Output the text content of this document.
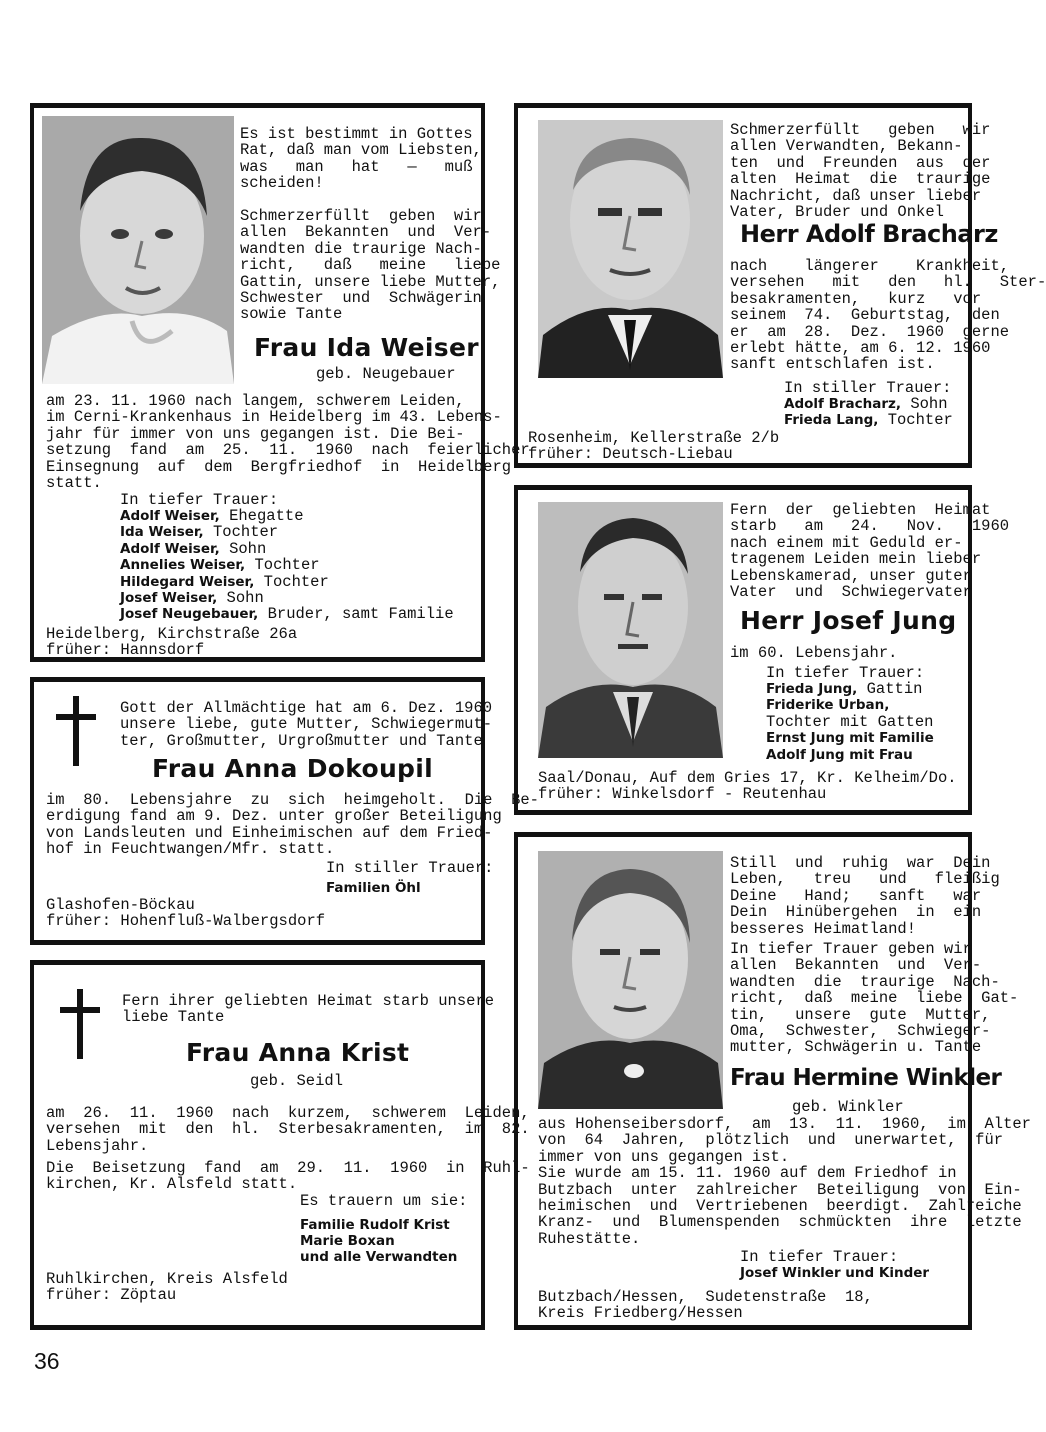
Es ist bestimmt in Gottes
Rat, daß man vom Liebsten,
was   man   hat   —   muß
scheiden!
Schmerzerfüllt  geben  wir
allen  Bekannten  und  Ver-
wandten die traurige Nach-
richt,   daß   meine   liebe
Gattin, unsere liebe Mutter,
Schwester  und  Schwägerin
sowie Tante
Frau Ida Weiser
geb. Neugebauer
am 23. 11. 1960 nach langem, schwerem Leiden,
im Cerni-Krankenhaus in Heidelberg im 43. Lebens-
jahr für immer von uns gegangen ist. Die Bei-
setzung  fand  am  25.  11.  1960  nach  feierlicher
Einsegnung  auf  dem  Bergfriedhof  in  Heidelberg
statt.
In tiefer Trauer:
Adolf Weiser, Ehegatte
Ida Weiser, Tochter
Adolf Weiser, Sohn
Annelies Weiser, Tochter
Hildegard Weiser, Tochter
Josef Weiser, Sohn
Josef Neugebauer, Bruder, samt Familie
Heidelberg, Kirchstraße 26a
früher: Hannsdorf
Gott der Allmächtige hat am 6. Dez. 1960
unsere liebe, gute Mutter, Schwiegermut-
ter, Großmutter, Urgroßmutter und Tante
Frau Anna Dokoupil
im  80.  Lebensjahre  zu  sich  heimgeholt.  Die  Be-
erdigung fand am 9. Dez. unter großer Beteiligung
von Landsleuten und Einheimischen auf dem Fried-
hof in Feuchtwangen/Mfr. statt.
In stiller Trauer:
Familien Öhl
Glashofen-Böckau
früher: Hohenfluß-Walbergsdorf
Fern ihrer geliebten Heimat starb unsere
liebe Tante
Frau Anna Krist
geb. Seidl
am  26.  11.  1960  nach  kurzem,  schwerem  Leiden,
versehen  mit  den  hl.  Sterbesakramenten,  im  82.
Lebensjahr.
Die  Beisetzung  fand  am  29.  11.  1960  in  Ruhl-
kirchen, Kr. Alsfeld statt.
Es trauern um sie:
Familie Rudolf Krist
Marie Boxan
und alle Verwandten
Ruhlkirchen, Kreis Alsfeld
früher: Zöptau
Schmerzerfüllt   geben   wir
allen Verwandten, Bekann-
ten  und  Freunden  aus  der
alten  Heimat  die  traurige
Nachricht, daß unser lieber
Vater, Bruder und Onkel
Herr Adolf Bracharz
nach    längerer    Krankheit,
versehen   mit   den   hl.   Ster-
besakramenten,   kurz   vor
seinem  74.  Geburtstag,  den
er  am  28.  Dez.  1960  gerne
erlebt hätte, am 6. 12. 1960
sanft entschlafen ist.
In stiller Trauer:
Adolf Bracharz, Sohn
Frieda Lang, Tochter
Rosenheim, Kellerstraße 2/b
früher: Deutsch-Liebau
Fern  der  geliebten  Heimat
starb   am   24.   Nov.   1960
nach einem mit Geduld er-
tragenem Leiden mein lieber
Lebenskamerad, unser guter
Vater  und  Schwiegervater
Herr Josef Jung
im 60. Lebensjahr.
In tiefer Trauer:
Frieda Jung, Gattin
Friderike Urban,
Tochter mit Gatten
Ernst Jung mit Familie
Adolf Jung mit Frau
Saal/Donau, Auf dem Gries 17, Kr. Kelheim/Do.
früher: Winkelsdorf - Reutenhau
Still  und  ruhig  war  Dein
Leben,   treu   und   fleißig
Deine   Hand;   sanft   war
Dein  Hinübergehen  in  ein
besseres Heimatland!
In tiefer Trauer geben wir
allen  Bekannten  und  Ver-
wandten  die  traurige  Nach-
richt,  daß  meine  liebe  Gat-
tin,   unsere  gute  Mutter,
Oma,  Schwester,  Schwieger-
mutter, Schwägerin u. Tante
Frau Hermine Winkler
geb. Winkler
aus Hohenseibersdorf,  am  13.  11.  1960,  im  Alter
von  64  Jahren,  plötzlich  und  unerwartet,  für
immer von uns gegangen ist.
Sie wurde am 15. 11. 1960 auf dem Friedhof in
Butzbach  unter  zahlreicher  Beteiligung  von  Ein-
heimischen  und  Vertriebenen  beerdigt.  Zahlreiche
Kranz-  und  Blumenspenden  schmückten  ihre  letzte
Ruhestätte.
In tiefer Trauer:
Josef Winkler und Kinder
Butzbach/Hessen,  Sudetenstraße  18,
Kreis Friedberg/Hessen
36
